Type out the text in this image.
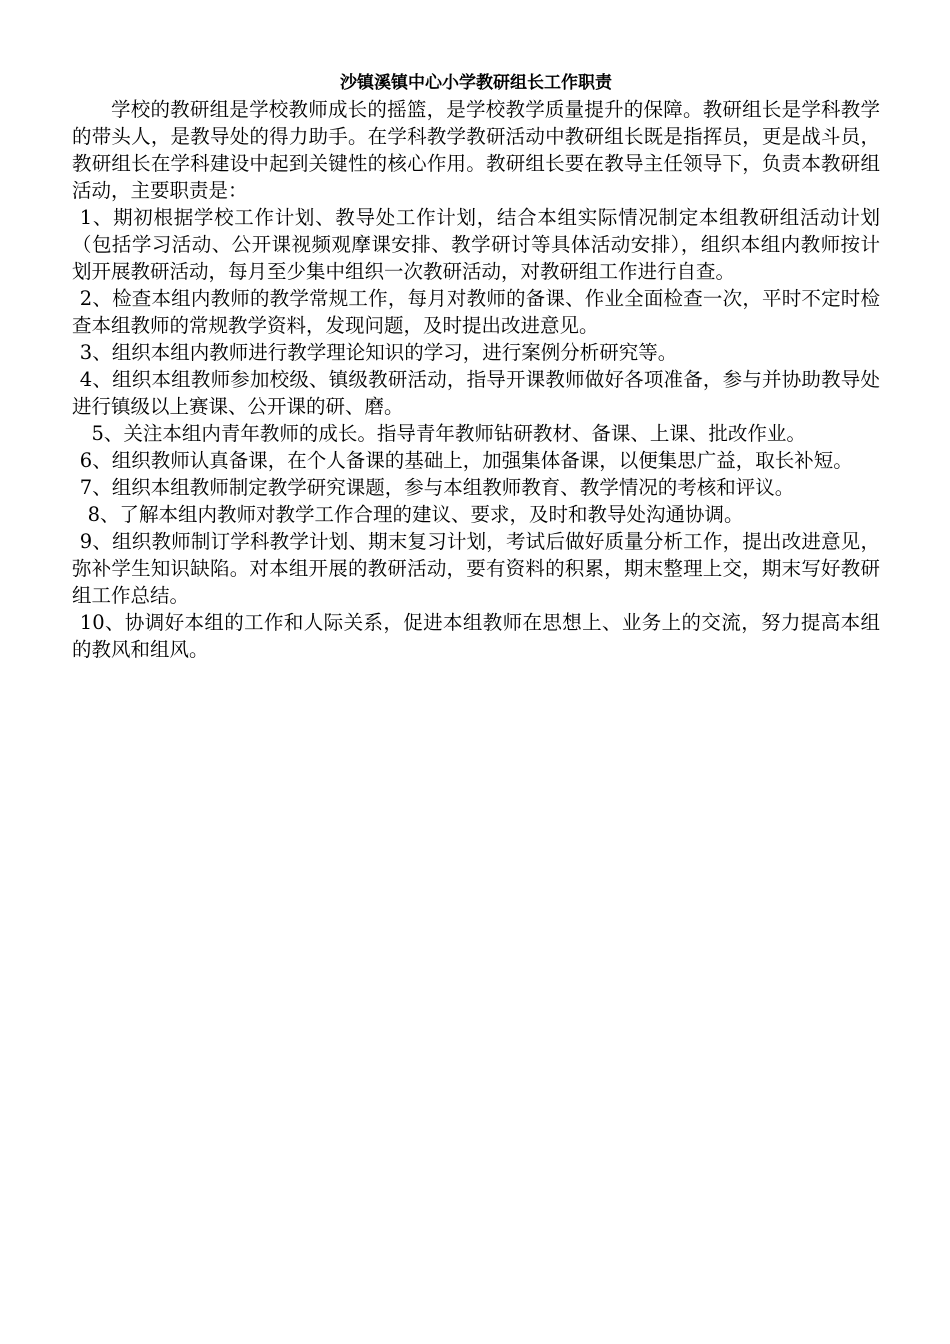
沙镇溪镇中心小学教研组长工作职责

学校的教研组是学校教师成长的摇篮，是学校教学质量提升的保障。教研组长是学科教学的带头人，是教导处的得力助手。在学科教学教研活动中教研组长既是指挥员，更是战斗员，教研组长在学科建设中起到关键性的核心作用。教研组长要在教导主任领导下，负责本教研组活动，主要职责是：

1、期初根据学校工作计划、教导处工作计划，结合本组实际情况制定本组教研组活动计划（包括学习活动、公开课视频观摩课安排、教学研讨等具体活动安排），组织本组内教师按计划开展教研活动，每月至少集中组织一次教研活动，对教研组工作进行自查。

2、检查本组内教师的教学常规工作，每月对教师的备课、作业全面检查一次，平时不定时检查本组教师的常规教学资料，发现问题，及时提出改进意见。

3、组织本组内教师进行教学理论知识的学习，进行案例分析研究等。

4、组织本组教师参加校级、镇级教研活动，指导开课教师做好各项准备，参与并协助教导处进行镇级以上赛课、公开课的研、磨。

5、关注本组内青年教师的成长。指导青年教师钻研教材、备课、上课、批改作业。

6、组织教师认真备课，在个人备课的基础上，加强集体备课，以便集思广益，取长补短。

7、组织本组教师制定教学研究课题，参与本组教师教育、教学情况的考核和评议。

8、了解本组内教师对教学工作合理的建议、要求，及时和教导处沟通协调。

9、组织教师制订学科教学计划、期末复习计划，考试后做好质量分析工作，提出改进意见，弥补学生知识缺陷。对本组开展的教研活动，要有资料的积累，期末整理上交，期末写好教研组工作总结。

10、协调好本组的工作和人际关系，促进本组教师在思想上、业务上的交流，努力提高本组的教风和组风。
